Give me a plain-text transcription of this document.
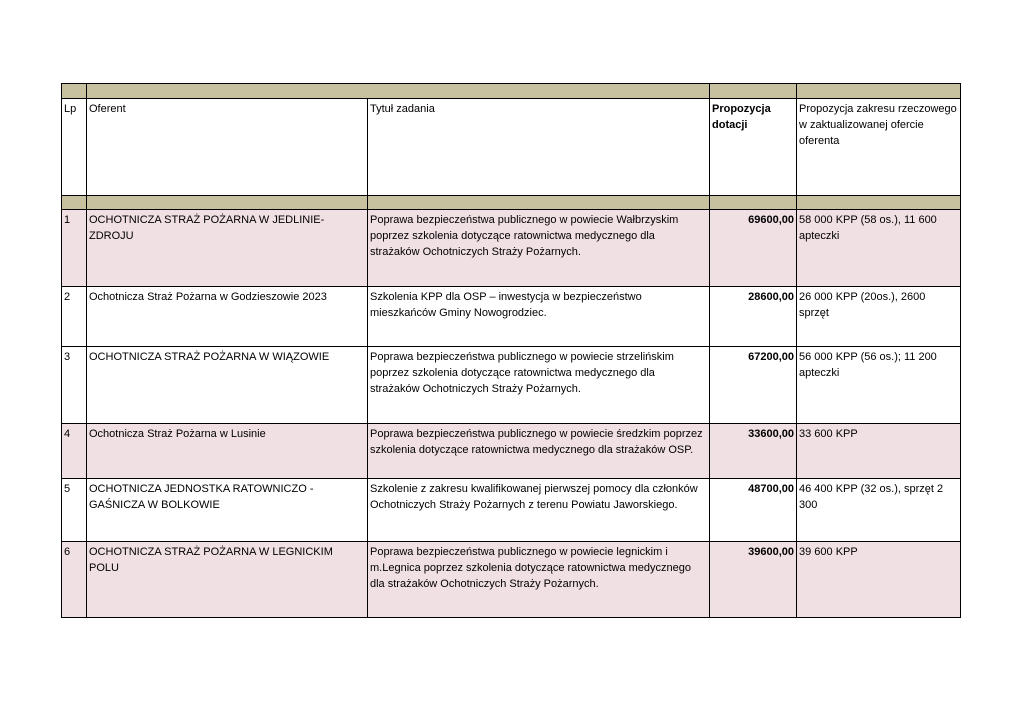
Lp	Oferent	Tytuł zadania	Propozycja dotacji	Propozycja zakresu rzeczowego w zaktualizowanej ofercie oferenta

1	OCHOTNICZA STRAŻ POŻARNA W JEDLINIE-ZDROJU	Poprawa bezpieczeństwa publicznego w powiecie Wałbrzyskim poprzez szkolenia dotyczące ratownictwa medycznego dla strażaków Ochotniczych Straży Pożarnych.	69600,00	58 000 KPP (58 os.), 11 600 apteczki
2	Ochotnicza Straż Pożarna w Godzieszowie 2023	Szkolenia KPP dla OSP – inwestycja w bezpieczeństwo mieszkańców Gminy Nowogrodziec.	28600,00	26 000 KPP (20os.), 2600 sprzęt
3	OCHOTNICZA STRAŻ POŻARNA W WIĄZOWIE	Poprawa bezpieczeństwa publicznego w powiecie strzelińskim poprzez szkolenia dotyczące ratownictwa medycznego dla strażaków Ochotniczych Straży Pożarnych.	67200,00	56 000 KPP (56 os.); 11 200 apteczki
4	Ochotnicza Straż Pożarna w Lusinie	Poprawa bezpieczeństwa publicznego w powiecie średzkim poprzez szkolenia dotyczące ratownictwa medycznego dla strażaków OSP.	33600,00	33 600 KPP
5	OCHOTNICZA JEDNOSTKA RATOWNICZO - GAŚNICZA W BOLKOWIE	Szkolenie z zakresu kwalifikowanej pierwszej pomocy dla członków Ochotniczych Straży Pożarnych z terenu Powiatu Jaworskiego.	48700,00	46 400 KPP (32 os.), sprzęt 2 300
6	OCHOTNICZA STRAŻ POŻARNA W LEGNICKIM POLU	Poprawa bezpieczeństwa publicznego w powiecie legnickim i m.Legnica poprzez szkolenia dotyczące ratownictwa medycznego dla strażaków Ochotniczych Straży Pożarnych.	39600,00	39 600 KPP
